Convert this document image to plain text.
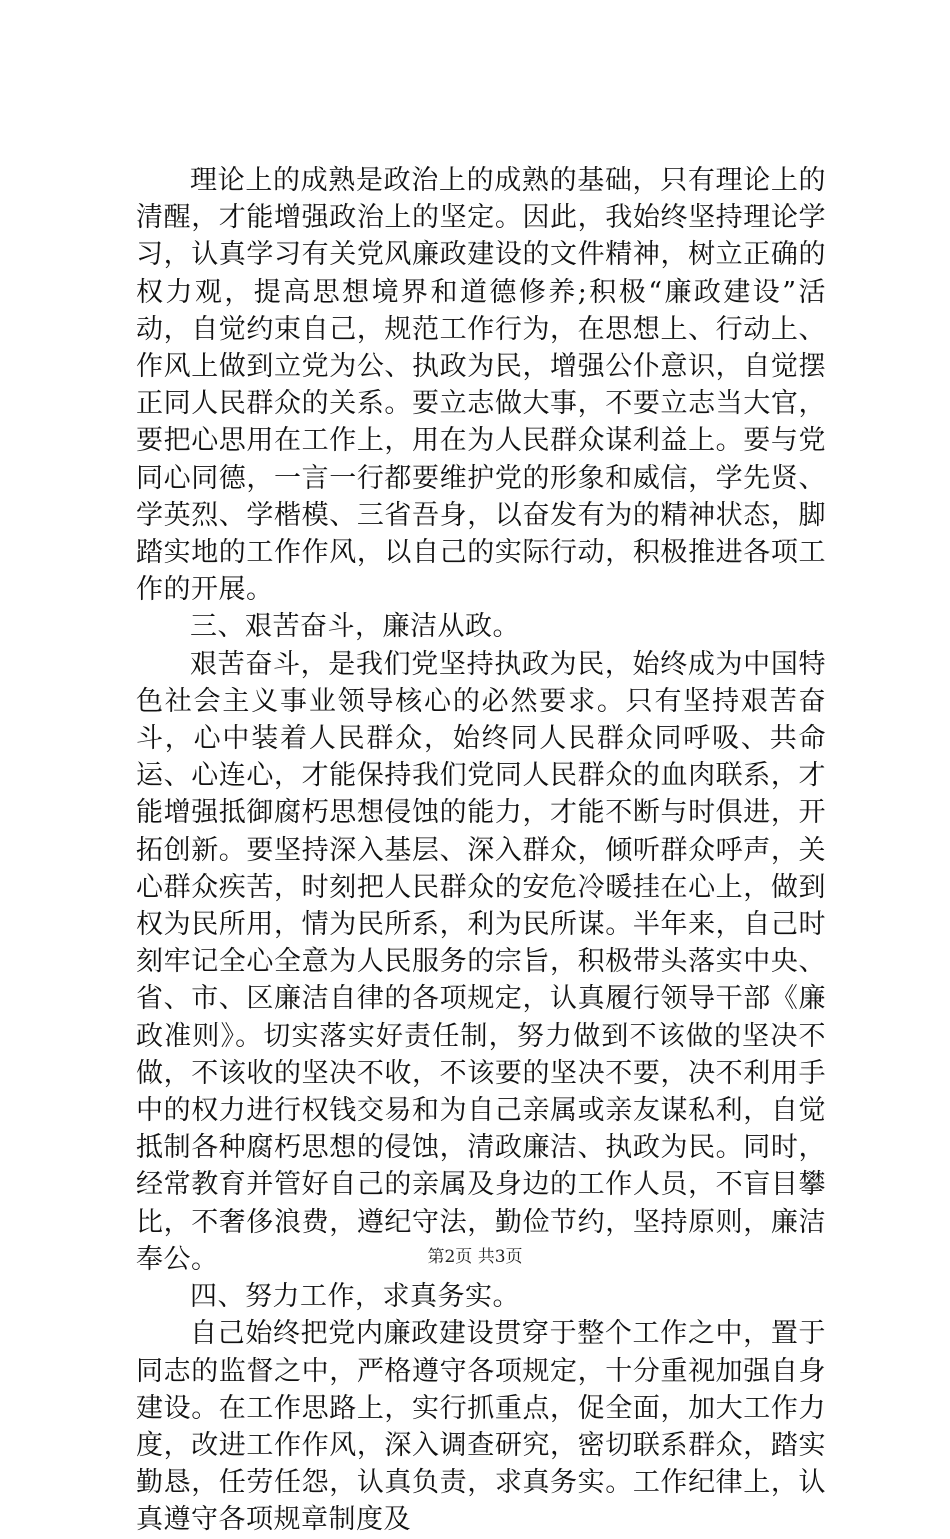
理论上的成熟是政治上的成熟的基础，只有理论上的清醒，才能增强政治上的坚定。因此，我始终坚持理论学习，认真学习有关党风廉政建设的文件精神，树立正确的权力观，提高思想境界和道德修养;积极“廉政建设”活动，自觉约束自己，规范工作行为，在思想上、行动上、作风上做到立党为公、执政为民，增强公仆意识，自觉摆正同人民群众的关系。要立志做大事，不要立志当大官，要把心思用在工作上，用在为人民群众谋利益上。要与党同心同德，一言一行都要维护党的形象和威信，学先贤、学英烈、学楷模、三省吾身，以奋发有为的精神状态，脚踏实地的工作作风，以自己的实际行动，积极推进各项工作的开展。

三、艰苦奋斗，廉洁从政。

艰苦奋斗，是我们党坚持执政为民，始终成为中国特色社会主义事业领导核心的必然要求。只有坚持艰苦奋斗，心中装着人民群众，始终同人民群众同呼吸、共命运、心连心，才能保持我们党同人民群众的血肉联系，才能增强抵御腐朽思想侵蚀的能力，才能不断与时俱进，开拓创新。要坚持深入基层、深入群众，倾听群众呼声，关心群众疾苦，时刻把人民群众的安危冷暖挂在心上，做到权为民所用，情为民所系，利为民所谋。半年来，自己时刻牢记全心全意为人民服务的宗旨，积极带头落实中央、省、市、区廉洁自律的各项规定，认真履行领导干部《廉政准则》。切实落实好责任制，努力做到不该做的坚决不做，不该收的坚决不收，不该要的坚决不要，决不利用手中的权力进行权钱交易和为自己亲属或亲友谋私利，自觉抵制各种腐朽思想的侵蚀，清政廉洁、执政为民。同时，经常教育并管好自己的亲属及身边的工作人员，不盲目攀比，不奢侈浪费，遵纪守法，勤俭节约，坚持原则，廉洁奉公。

四、努力工作，求真务实。

自己始终把党内廉政建设贯穿于整个工作之中，置于同志的监督之中，严格遵守各项规定，十分重视加强自身建设。在工作思路上，实行抓重点，促全面，加大工作力度，改进工作作风，深入调查研究，密切联系群众，踏实勤恳，任劳任怨，认真负责，求真务实。工作纪律上，认真遵守各项规章制度及

第2页 共3页
